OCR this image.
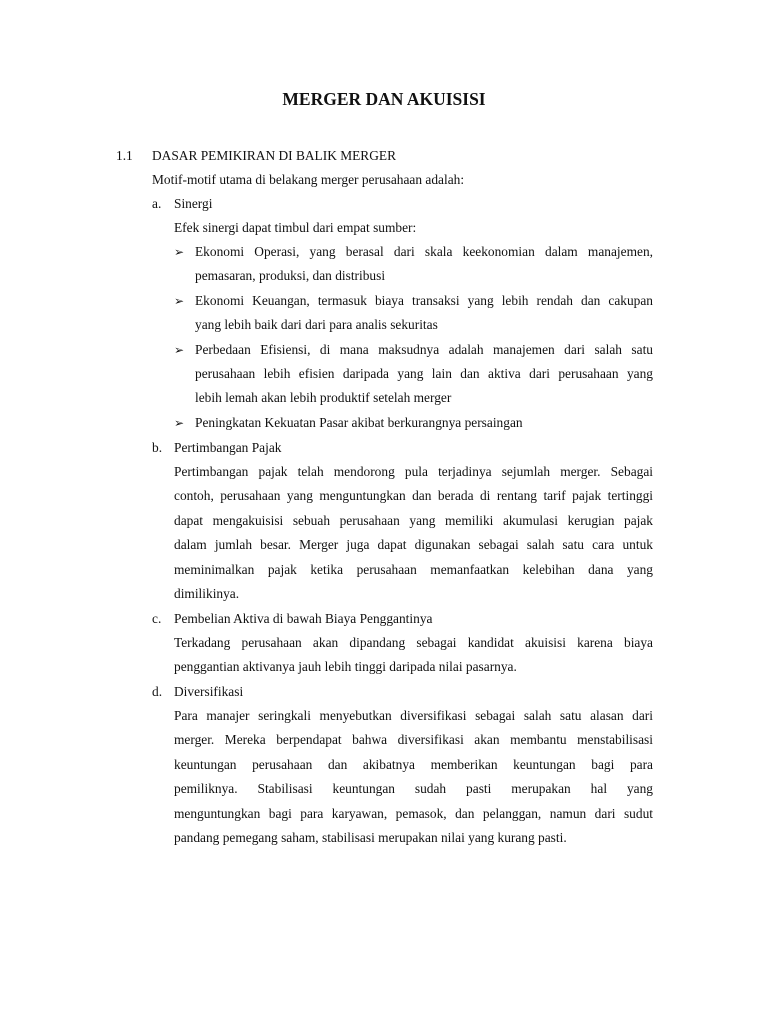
MERGER DAN AKUISISI
1.1 DASAR PEMIKIRAN DI BALIK MERGER
Motif-motif utama di belakang merger perusahaan adalah:
a. Sinergi
Efek sinergi dapat timbul dari empat sumber:
➢ Ekonomi Operasi, yang berasal dari skala keekonomian dalam manajemen,
pemasaran, produksi, dan distribusi
➢ Ekonomi Keuangan, termasuk biaya transaksi yang lebih rendah dan cakupan
yang lebih baik dari dari para analis sekuritas
➢ Perbedaan Efisiensi, di mana maksudnya adalah manajemen dari salah satu
perusahaan lebih efisien daripada yang lain dan aktiva dari perusahaan yang
lebih lemah akan lebih produktif setelah merger
➢ Peningkatan Kekuatan Pasar akibat berkurangnya persaingan
b. Pertimbangan Pajak
Pertimbangan pajak telah mendorong pula terjadinya sejumlah merger. Sebagai
contoh, perusahaan yang menguntungkan dan berada di rentang tarif pajak tertinggi
dapat mengakuisisi sebuah perusahaan yang memiliki akumulasi kerugian pajak
dalam jumlah besar. Merger juga dapat digunakan sebagai salah satu cara untuk
meminimalkan pajak ketika perusahaan memanfaatkan kelebihan dana yang
dimilikinya.
c. Pembelian Aktiva di bawah Biaya Penggantinya
Terkadang perusahaan akan dipandang sebagai kandidat akuisisi karena biaya
penggantian aktivanya jauh lebih tinggi daripada nilai pasarnya.
d. Diversifikasi
Para manajer seringkali menyebutkan diversifikasi sebagai salah satu alasan dari
merger. Mereka berpendapat bahwa diversifikasi akan membantu menstabilisasi
keuntungan perusahaan dan akibatnya memberikan keuntungan bagi para
pemiliknya. Stabilisasi keuntungan sudah pasti merupakan hal yang
menguntungkan bagi para karyawan, pemasok, dan pelanggan, namun dari sudut
pandang pemegang saham, stabilisasi merupakan nilai yang kurang pasti.
